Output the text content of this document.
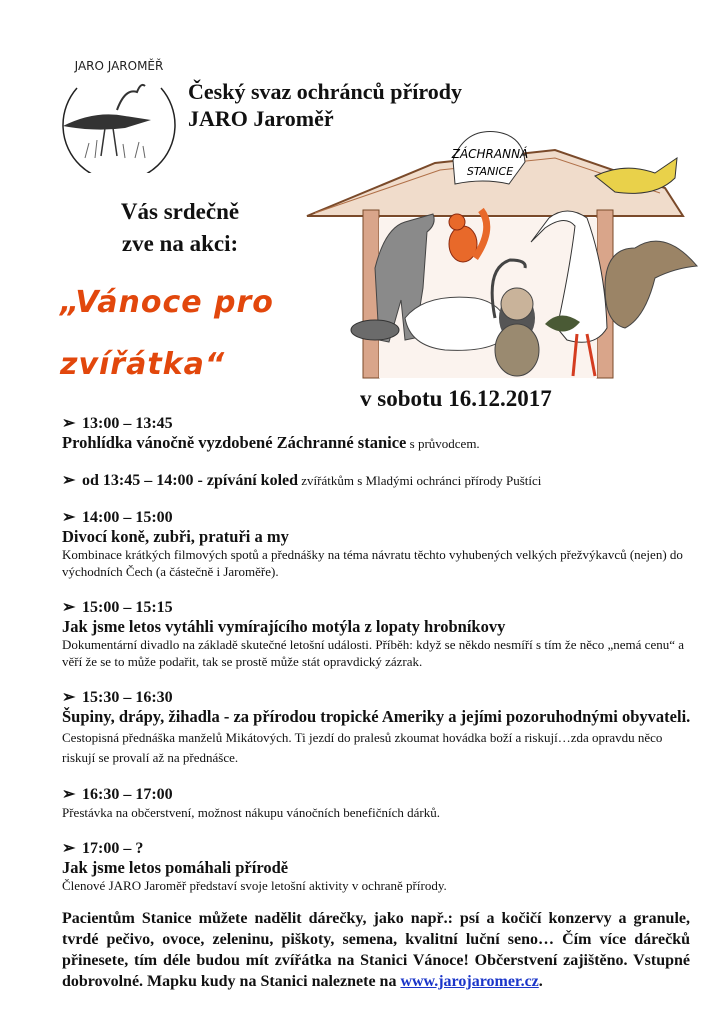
JARO JAROMĚŘ
Český svaz ochránců přírody
JARO Jaroměř
Vás srdečně
zve na akci:
„Vánoce pro
zvířátka“
ZÁCHRANNÁ
STANICE
v sobotu 16.12.2017
➢ 13:00 – 13:45
Prohlídka vánočně vyzdobené Záchranné stanice s průvodcem.
➢ od 13:45 – 14:00 - zpívání koled zvířátkům s Mladými ochránci přírody Puštíci
➢ 14:00 – 15:00
Divocí koně, zubři, pratuři a my
Kombinace krátkých filmových spotů a přednášky na téma návratu těchto vyhubených velkých přežvýkavců (nejen) do východních Čech (a částečně i Jaroměře).
➢ 15:00 – 15:15
Jak jsme letos vytáhli vymírajícího motýla z lopaty hrobníkovy
Dokumentární divadlo na základě skutečné letošní události. Příběh: když se někdo nesmíří s tím že něco „nemá cenu“ a věří že se to může podařit, tak se prostě může stát opravdický zázrak.
➢ 15:30 – 16:30
Šupiny, drápy, žihadla - za přírodou tropické Ameriky a jejími pozoruhodnými obyvateli. Cestopisná přednáška manželů Mikátových. Ti jezdí do pralesů zkoumat hovádka boží a riskují…zda opravdu něco riskují se provalí až na přednášce.
➢ 16:30 – 17:00
Přestávka na občerstvení, možnost nákupu vánočních benefičních dárků.
➢ 17:00 – ?
Jak jsme letos pomáhali přírodě
Členové JARO Jaroměř představí svoje letošní aktivity v ochraně přírody.
Pacientům Stanice můžete nadělit dárečky, jako např.: psí a kočičí konzervy a granule, tvrdé pečivo, ovoce, zeleninu, piškoty, semena, kvalitní luční seno… Čím více dárečků přinesete, tím déle budou mít zvířátka na Stanici Vánoce! Občerstvení zajištěno. Vstupné dobrovolné. Mapku kudy na Stanici naleznete na www.jarojaromer.cz.
